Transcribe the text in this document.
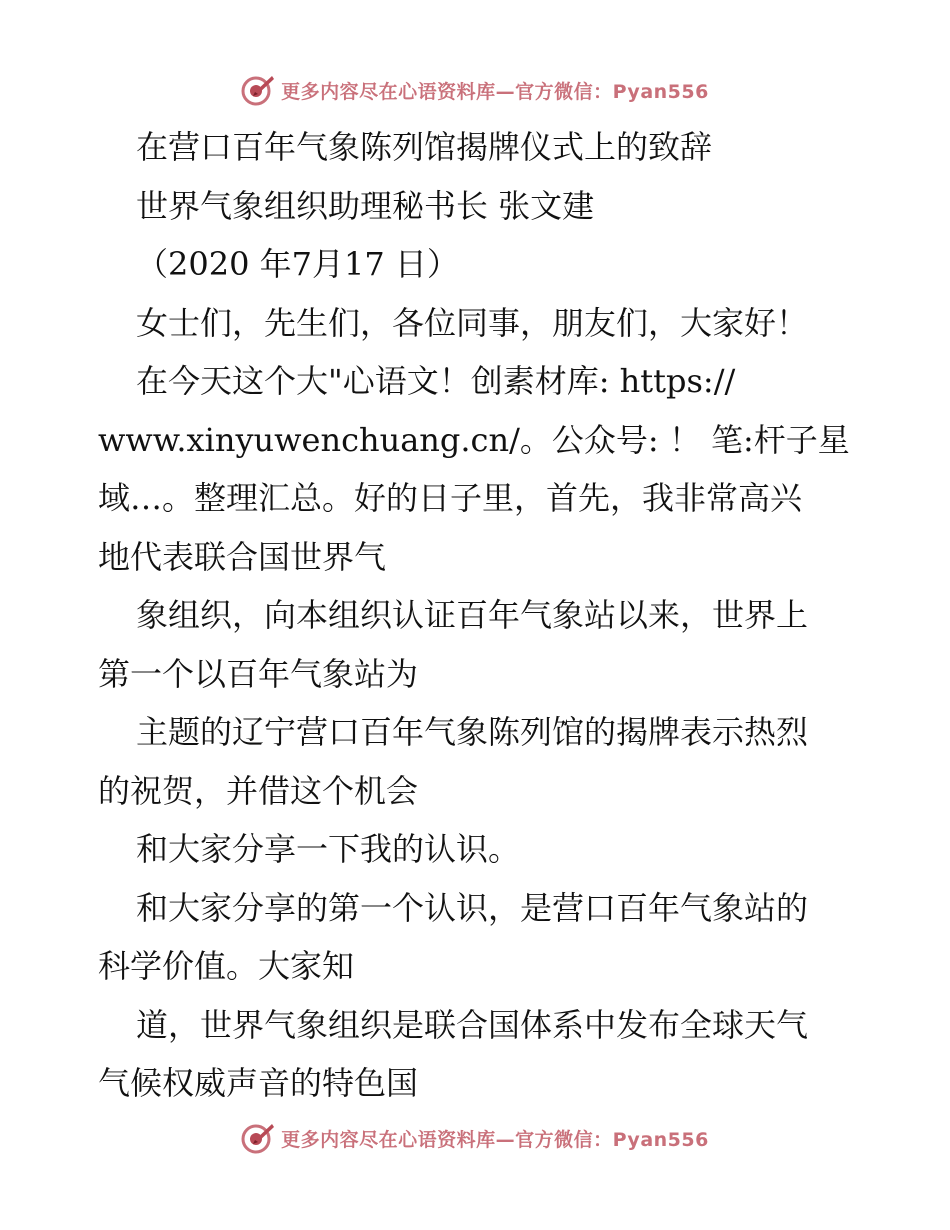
更多内容尽在心语资料库—官方微信：Pyan556

在营口百年气象陈列馆揭牌仪式上的致辞

世界气象组织助理秘书长 张文建

（2020 年7月17 日）

女士们，先生们，各位同事，朋友们，大家好！

在今天这个大"心语文！创素材库: https://

www.xinyuwenchuang.cn/。公众号: ！ 笔:杆子星

域…。整理汇总。好的日子里，首先，我非常高兴

地代表联合国世界气

象组织，向本组织认证百年气象站以来，世界上

第一个以百年气象站为

主题的辽宁营口百年气象陈列馆的揭牌表示热烈

的祝贺，并借这个机会

和大家分享一下我的认识。

和大家分享的第一个认识，是营口百年气象站的

科学价值。大家知

道，世界气象组织是联合国体系中发布全球天气

气候权威声音的特色国

更多内容尽在心语资料库—官方微信：Pyan556
